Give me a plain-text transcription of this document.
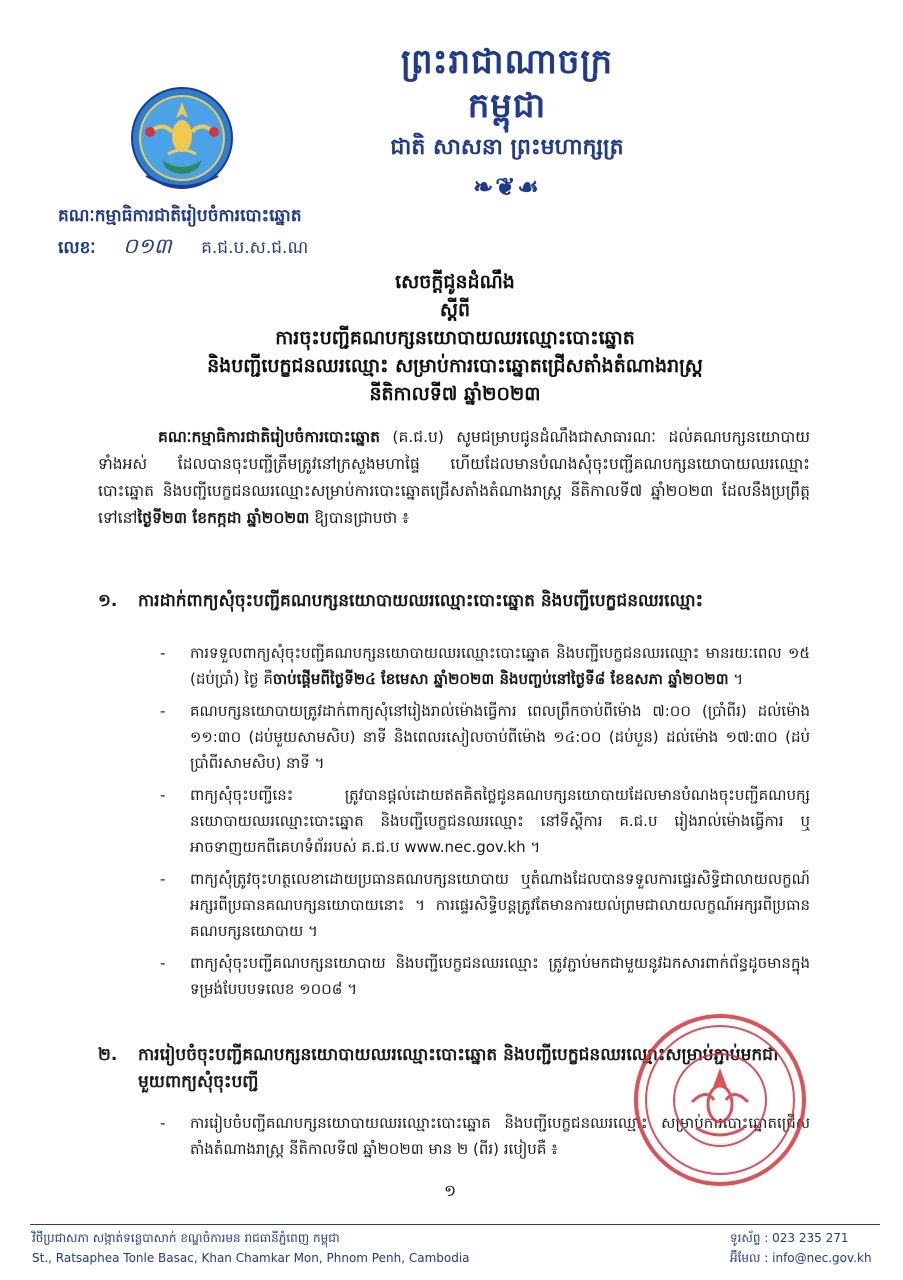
ព្រះរាជាណាចក្រកម្ពុជា
ជាតិ សាសនា ព្រះមហាក្សត្រ
❧❦☙
គណៈកម្មាធិការជាតិរៀបចំការបោះឆ្នោត
លេខៈ ០១៣ គ.ជ.ប.ស.ជ.ណ
សេចក្ដីជូនដំណឹង
ស្ដីពី
ការចុះបញ្ជីគណបក្សនយោបាយឈរឈ្មោះបោះឆ្នោត
និងបញ្ជីបេក្ខជនឈរឈ្មោះ សម្រាប់ការបោះឆ្នោតជ្រើសតាំងតំណាងរាស្ត្រ
នីតិកាលទី៧ ឆ្នាំ២០២៣
គណៈកម្មាធិការជាតិរៀបចំការបោះឆ្នោត (គ.ជ.ប) សូមជម្រាបជូនដំណឹងជាសាធារណៈ ដល់គណបក្សនយោបាយទាំងអស់ ដែលបានចុះបញ្ជីត្រឹមត្រូវនៅក្រសួងមហាផ្ទៃ ហើយដែលមានបំណងសុំចុះបញ្ជីគណបក្សនយោបាយឈរឈ្មោះបោះឆ្នោត និងបញ្ជីបេក្ខជនឈរឈ្មោះសម្រាប់ការបោះឆ្នោតជ្រើសតាំងតំណាងរាស្ត្រ នីតិកាលទី៧ ឆ្នាំ២០២៣ ដែលនឹងប្រព្រឹត្តទៅនៅថ្ងៃទី២៣ ខែកក្កដា ឆ្នាំ២០២៣ ឱ្យបានជ្រាបថា ៖
១. ការដាក់ពាក្យសុំចុះបញ្ជីគណបក្សនយោបាយឈរឈ្មោះបោះឆ្នោត និងបញ្ជីបេក្ខជនឈរឈ្មោះ
- ការទទួលពាក្យសុំចុះបញ្ជីគណបក្សនយោបាយឈរឈ្មោះបោះឆ្នោត និងបញ្ជីបេក្ខជនឈរឈ្មោះ មានរយៈពេល ១៥ (ដប់ប្រាំ) ថ្ងៃ គឺចាប់ផ្ដើមពីថ្ងៃទី២៤ ខែមេសា ឆ្នាំ២០២៣ និងបញ្ចប់នៅថ្ងៃទី៨ ខែឧសភា ឆ្នាំ២០២៣ ។
- គណបក្សនយោបាយត្រូវដាក់ពាក្យសុំនៅរៀងរាល់ម៉ោងធ្វើការ ពេលព្រឹកចាប់ពីម៉ោង ៧:០០ (ប្រាំពីរ) ដល់ម៉ោង ១១:៣០ (ដប់មួយសាមសិប) នាទី និងពេលរសៀលចាប់ពីម៉ោង ១៤:០០ (ដប់បួន) ដល់ម៉ោង ១៧:៣០ (ដប់ប្រាំពីរសាមសិប) នាទី ។
- ពាក្យសុំចុះបញ្ជីនេះ ត្រូវបានផ្ដល់ដោយឥតគិតថ្លៃជូនគណបក្សនយោបាយដែលមានបំណងចុះបញ្ជីគណបក្ស នយោបាយឈរឈ្មោះបោះឆ្នោត និងបញ្ជីបេក្ខជនឈរឈ្មោះ នៅទីស្ដីការ គ.ជ.ប រៀងរាល់ម៉ោងធ្វើការ ឬអាចទាញយកពីគេហទំព័ររបស់ គ.ជ.ប www.nec.gov.kh ។
- ពាក្យសុំត្រូវចុះហត្ថលេខាដោយប្រធានគណបក្សនយោបាយ ឬតំណាងដែលបានទទួលការផ្ទេរសិទ្ធិជាលាយលក្ខណ៍អក្សរពីប្រធានគណបក្សនយោបាយនោះ ។ ការផ្ទេរសិទ្ធិបន្តត្រូវតែមានការយល់ព្រមជាលាយលក្ខណ៍អក្សរពីប្រធានគណបក្សនយោបាយ ។
- ពាក្យសុំចុះបញ្ជីគណបក្សនយោបាយ និងបញ្ជីបេក្ខជនឈរឈ្មោះ ត្រូវភ្ជាប់មកជាមួយនូវឯកសារពាក់ព័ន្ធដូចមានក្នុងទម្រង់បែបបទលេខ ១០០៨ ។
២. ការរៀបចំចុះបញ្ជីគណបក្សនយោបាយឈរឈ្មោះបោះឆ្នោត និងបញ្ជីបេក្ខជនឈរឈ្មោះសម្រាប់ភ្ជាប់មកជាមួយពាក្យសុំចុះបញ្ជី
- ការរៀបចំបញ្ជីគណបក្សនយោបាយឈរឈ្មោះបោះឆ្នោត និងបញ្ជីបេក្ខជនឈរឈ្មោះ សម្រាប់ការបោះឆ្នោតជ្រើសតាំងតំណាងរាស្ត្រ នីតិកាលទី៧ ឆ្នាំ២០២៣ មាន ២ (ពីរ) របៀបគឺ ៖
១
វិថីប្រជាសភា សង្កាត់ទន្លេបាសាក់ ខណ្ឌចំការមន រាជធានីភ្នំពេញ កម្ពុជា
St., Ratsaphea Tonle Basac, Khan Chamkar Mon, Phnom Penh, Cambodia
ទូរស័ព្ទ : 023 235 271
អ៊ីមែល : info@nec.gov.kh
